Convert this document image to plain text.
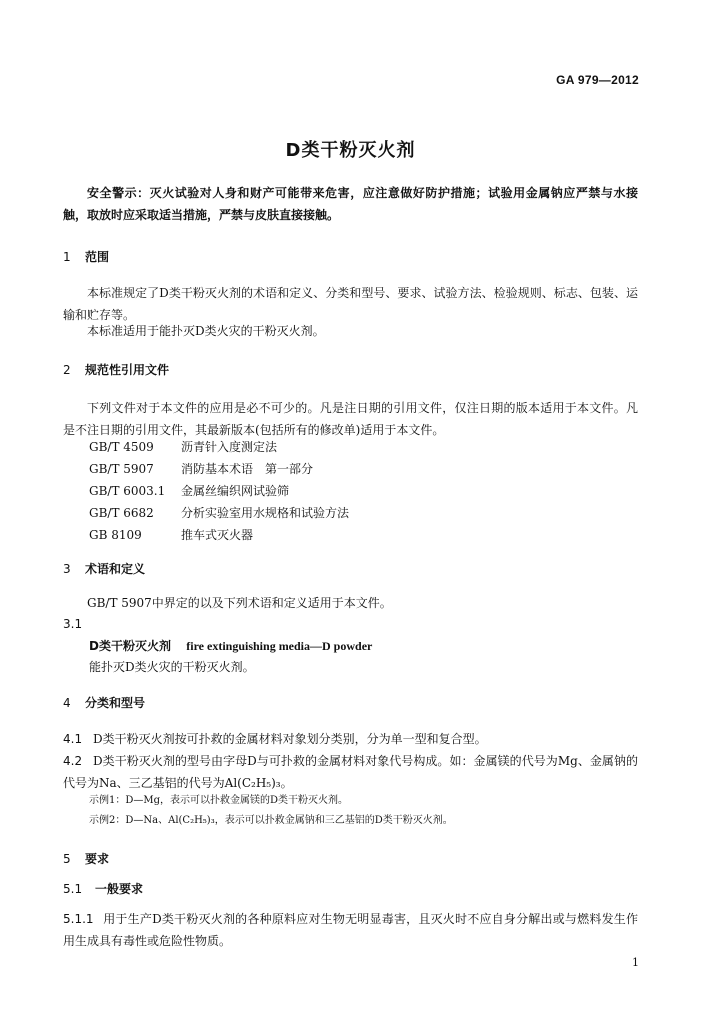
GA 979—2012
D类干粉灭火剂
安全警示：灭火试验对人身和财产可能带来危害，应注意做好防护措施；试验用金属钠应严禁与水接触，取放时应采取适当措施，严禁与皮肤直接接触。
1 范围
本标准规定了D类干粉灭火剂的术语和定义、分类和型号、要求、试验方法、检验规则、标志、包装、运输和贮存等。
本标准适用于能扑灭D类火灾的干粉灭火剂。
2 规范性引用文件
下列文件对于本文件的应用是必不可少的。凡是注日期的引用文件，仅注日期的版本适用于本文件。凡是不注日期的引用文件，其最新版本(包括所有的修改单)适用于本文件。
GB/T 4509 沥青针入度测定法
GB/T 5907 消防基本术语　第一部分
GB/T 6003.1 金属丝编织网试验筛
GB/T 6682 分析实验室用水规格和试验方法
GB 8109	推车式灭火器
3 术语和定义
GB/T 5907中界定的以及下列术语和定义适用于本文件。
3.1
D类干粉灭火剂 fire extinguishing media—D powder
能扑灭D类火灾的干粉灭火剂。
4 分类和型号
4.1 D类干粉灭火剂按可扑救的金属材料对象划分类别，分为单一型和复合型。
4.2 D类干粉灭火剂的型号由字母D与可扑救的金属材料对象代号构成。如：金属镁的代号为Mg、金属钠的代号为Na、三乙基铝的代号为Al(C₂H₅)₃。
示例1：D—Mg，表示可以扑救金属镁的D类干粉灭火剂。
示例2：D—Na、Al(C₂H₅)₃，表示可以扑救金属钠和三乙基铝的D类干粉灭火剂。
5 要求
5.1 一般要求
5.1.1 用于生产D类干粉灭火剂的各种原料应对生物无明显毒害，且灭火时不应自身分解出或与燃料发生作用生成具有毒性或危险性物质。
1
